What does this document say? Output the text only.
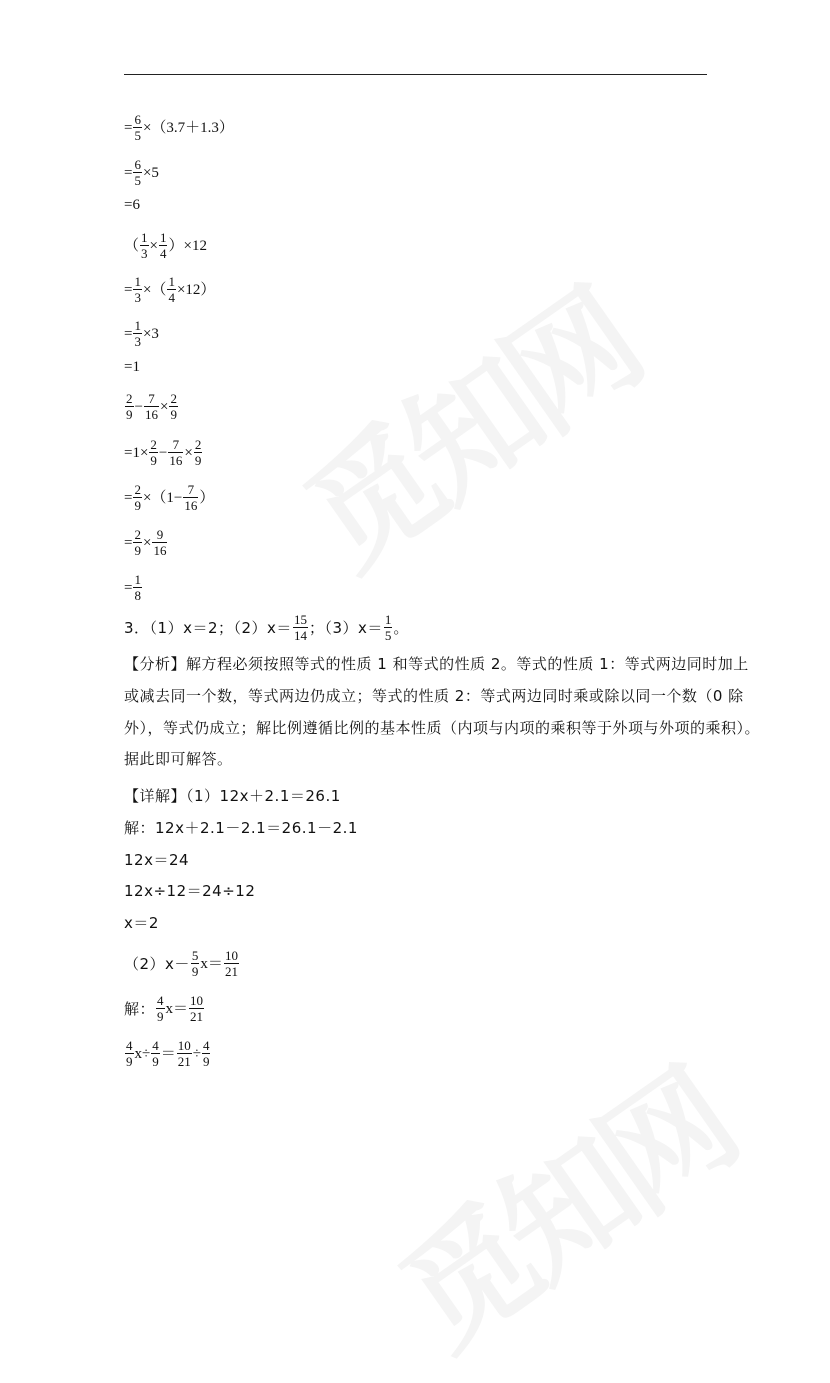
= $\frac{6}{5} \times(3.7+1.3)$
= $\frac{6}{5} \times 5$
=6
（ $\frac{1}{3} \times \frac{1}{4} )\times 12$
= $\frac{1}{3}$ ×（ $\frac{1}{4} \times 12$）
= $\frac{1}{3} \times 3$
=1
$\frac{2}{9} - \frac{7}{16} \times \frac{2}{9}$
$=1\times \frac{2}{9} - \frac{7}{16} \times \frac{2}{9}$
= $\frac{2}{9} \times(1- \frac{7}{16}$ ）
= $\frac{2}{9} \times \frac{9}{16}$
= $\frac{1}{8}$
3．（1）x＝2；$(2)x= \frac{15}{14}$ ；$(3)x= \frac{1}{5}$ 。
【分析】解方程必须按照等式的性质 1 和等式的性质 2。等式的性质 1：等式两边同时加上
或减去同一个数，等式两边仍成立；等式的性质 2：等式两边同时乘或除以同一个数（0 除
外），等式仍成立；解比例遵循比例的基本性质（内项与内项的乘积等于外项与外项的乘积）。
据此即可解答。
【详解】（1）12x＋2.1＝26.1
解：12x＋2.1－2.1＝26.1－2.1
12x＝24
12x÷12＝24÷12
x＝2
$(2)x- \frac{5}{9} x= \frac{10}{21}$
解： $\frac{4}{9} x= \frac{10}{21}$
$\frac{4}{9} x\div \frac{4}{9} = \frac{10}{21} \div \frac{4}{9}$
